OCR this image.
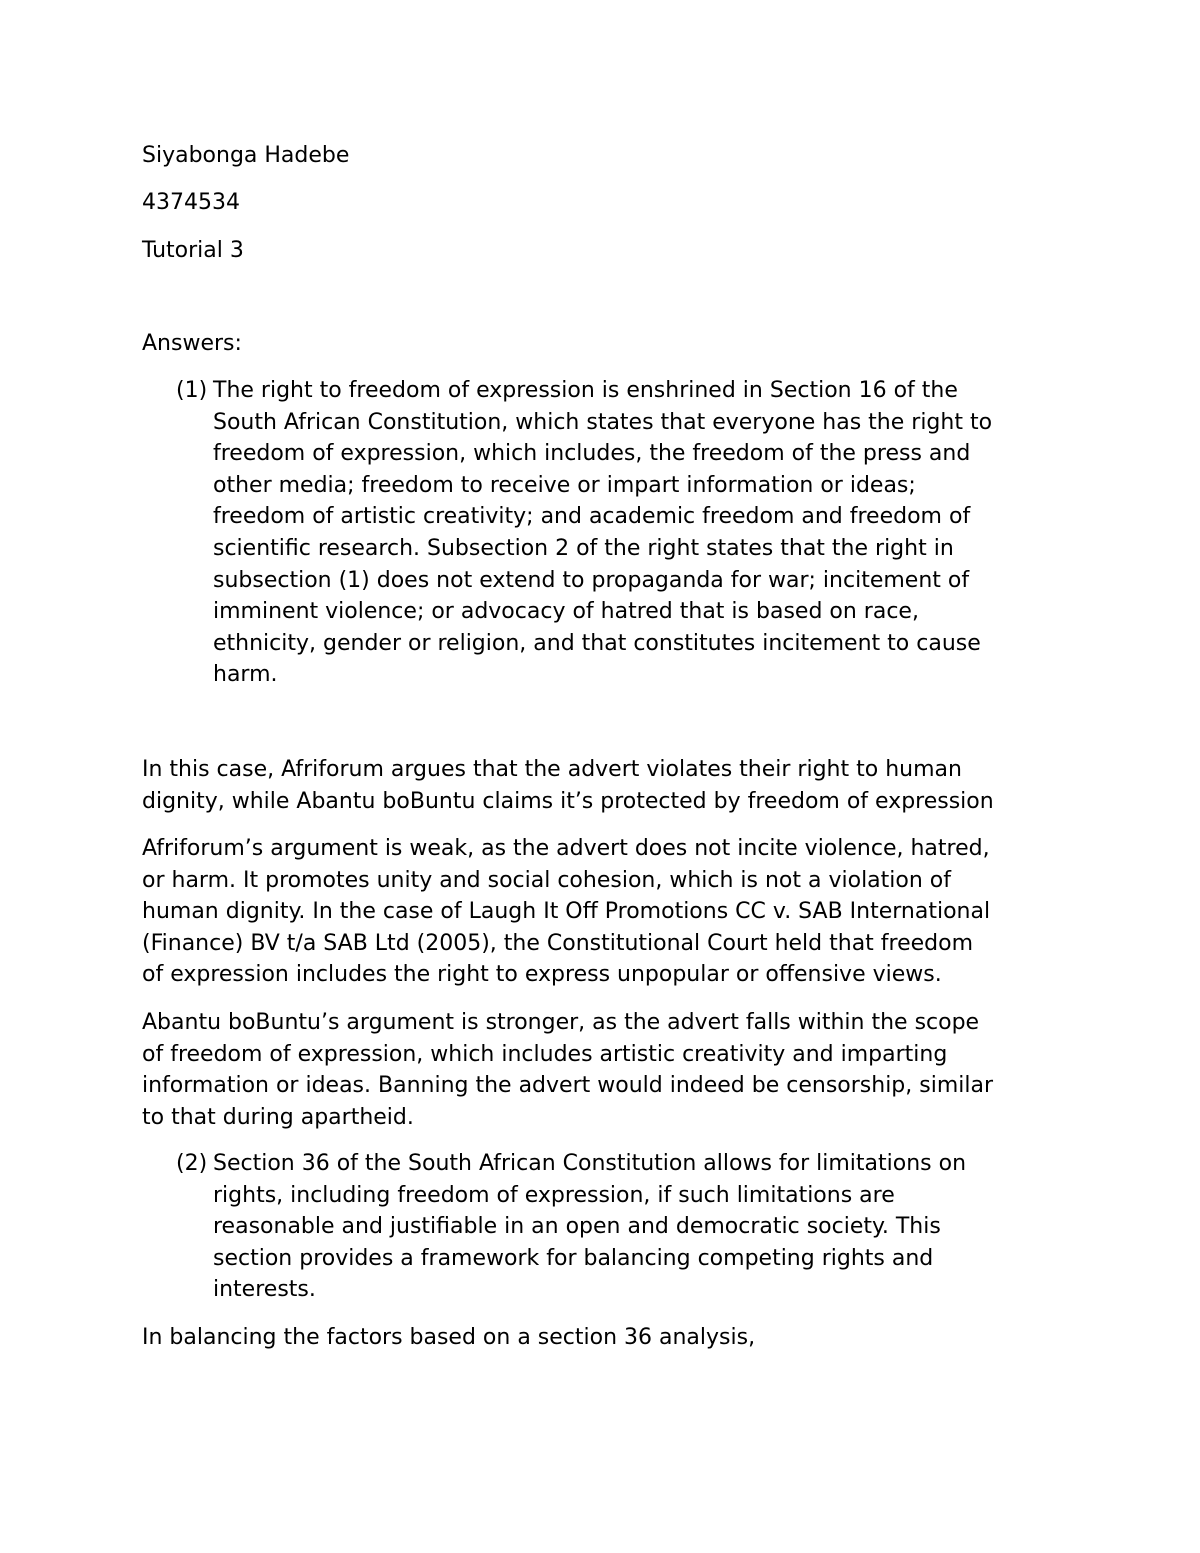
Siyabonga Hadebe
4374534
Tutorial 3
Answers:
(1) The right to freedom of expression is enshrined in Section 16 of the
South African Constitution, which states that everyone has the right to
freedom of expression, which includes, the freedom of the press and
other media; freedom to receive or impart information or ideas;
freedom of artistic creativity; and academic freedom and freedom of
scientific research. Subsection 2 of the right states that the right in
subsection (1) does not extend to propaganda for war; incitement of
imminent violence; or advocacy of hatred that is based on race,
ethnicity, gender or religion, and that constitutes incitement to cause
harm.
In this case, Afriforum argues that the advert violates their right to human
dignity, while Abantu boBuntu claims it’s protected by freedom of expression
Afriforum’s argument is weak, as the advert does not incite violence, hatred,
or harm. It promotes unity and social cohesion, which is not a violation of
human dignity. In the case of Laugh It Off Promotions CC v. SAB International
(Finance) BV t/a SAB Ltd (2005), the Constitutional Court held that freedom
of expression includes the right to express unpopular or offensive views.
Abantu boBuntu’s argument is stronger, as the advert falls within the scope
of freedom of expression, which includes artistic creativity and imparting
information or ideas. Banning the advert would indeed be censorship, similar
to that during apartheid.
(2) Section 36 of the South African Constitution allows for limitations on
rights, including freedom of expression, if such limitations are
reasonable and justifiable in an open and democratic society. This
section provides a framework for balancing competing rights and
interests.
In balancing the factors based on a section 36 analysis,
